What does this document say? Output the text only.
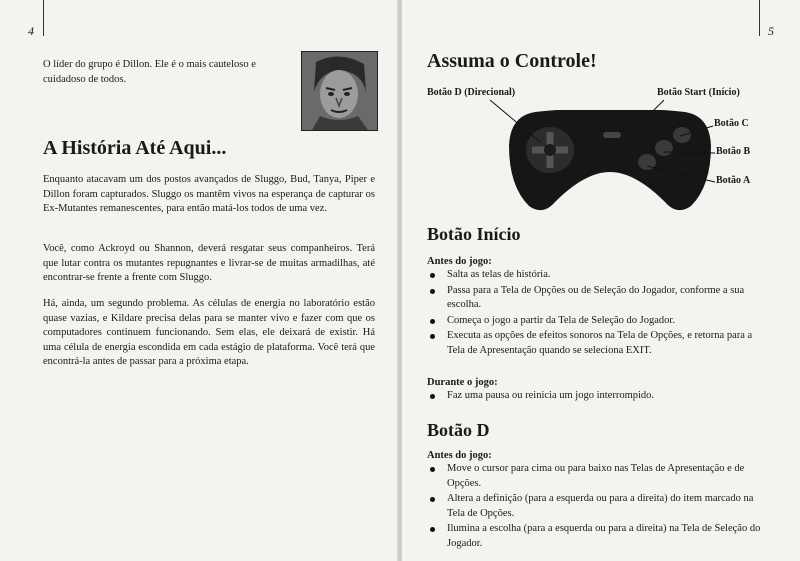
4

O líder do grupo é Dillon. Ele é o mais cauteloso e cuidadoso de todos.

A História Até Aqui...

Enquanto atacavam um dos postos avançados de Sluggo, Bud, Tanya, Piper e Dillon foram capturados. Sluggo os mantêm vivos na esperança de capturar os Ex-Mutantes remanescentes, para então matá-los todos de uma vez.

Você, como Ackroyd ou Shannon, deverá resgatar seus companheiros. Terá que lutar contra os mutantes repugnantes e livrar-se de muitas armadilhas, até encontrar-se frente a frente com Sluggo.

Há, ainda, um segundo problema. As células de energia no laboratório estão quase vazias, e Kildare precisa delas para se manter vivo e fazer com que os computadores continuem funcionando. Sem elas, ele deixará de existir. Há uma célula de energia escondida em cada estágio de plataforma. Você terá que encontrá-la antes de passar para a próxima etapa.

5
Assuma o Controle!
Botão D (Direcional)	Botão Start (Início)
Botão C
Botão B
Botão A
Botão Início
Antes do jogo:
Salta as telas de história.
Passa para a Tela de Opções ou de Seleção do Jogador, conforme a sua escolha.
Começa o jogo a partir da Tela de Seleção do Jogador.
Executa as opções de efeitos sonoros na Tela de Opções, e retorna para a Tela de Apresentação quando se seleciona EXIT.
Durante o jogo:
Faz uma pausa ou reinicia um jogo interrompido.
Botão D
Antes do jogo:
Move o cursor para cima ou para baixo nas Telas de Apresentação e de Opções.
Altera a definição (para a esquerda ou para a direita) do item marcado na Tela de Opções.
Ilumina a escolha (para a esquerda ou para a direita) na Tela de Seleção do Jogador.
